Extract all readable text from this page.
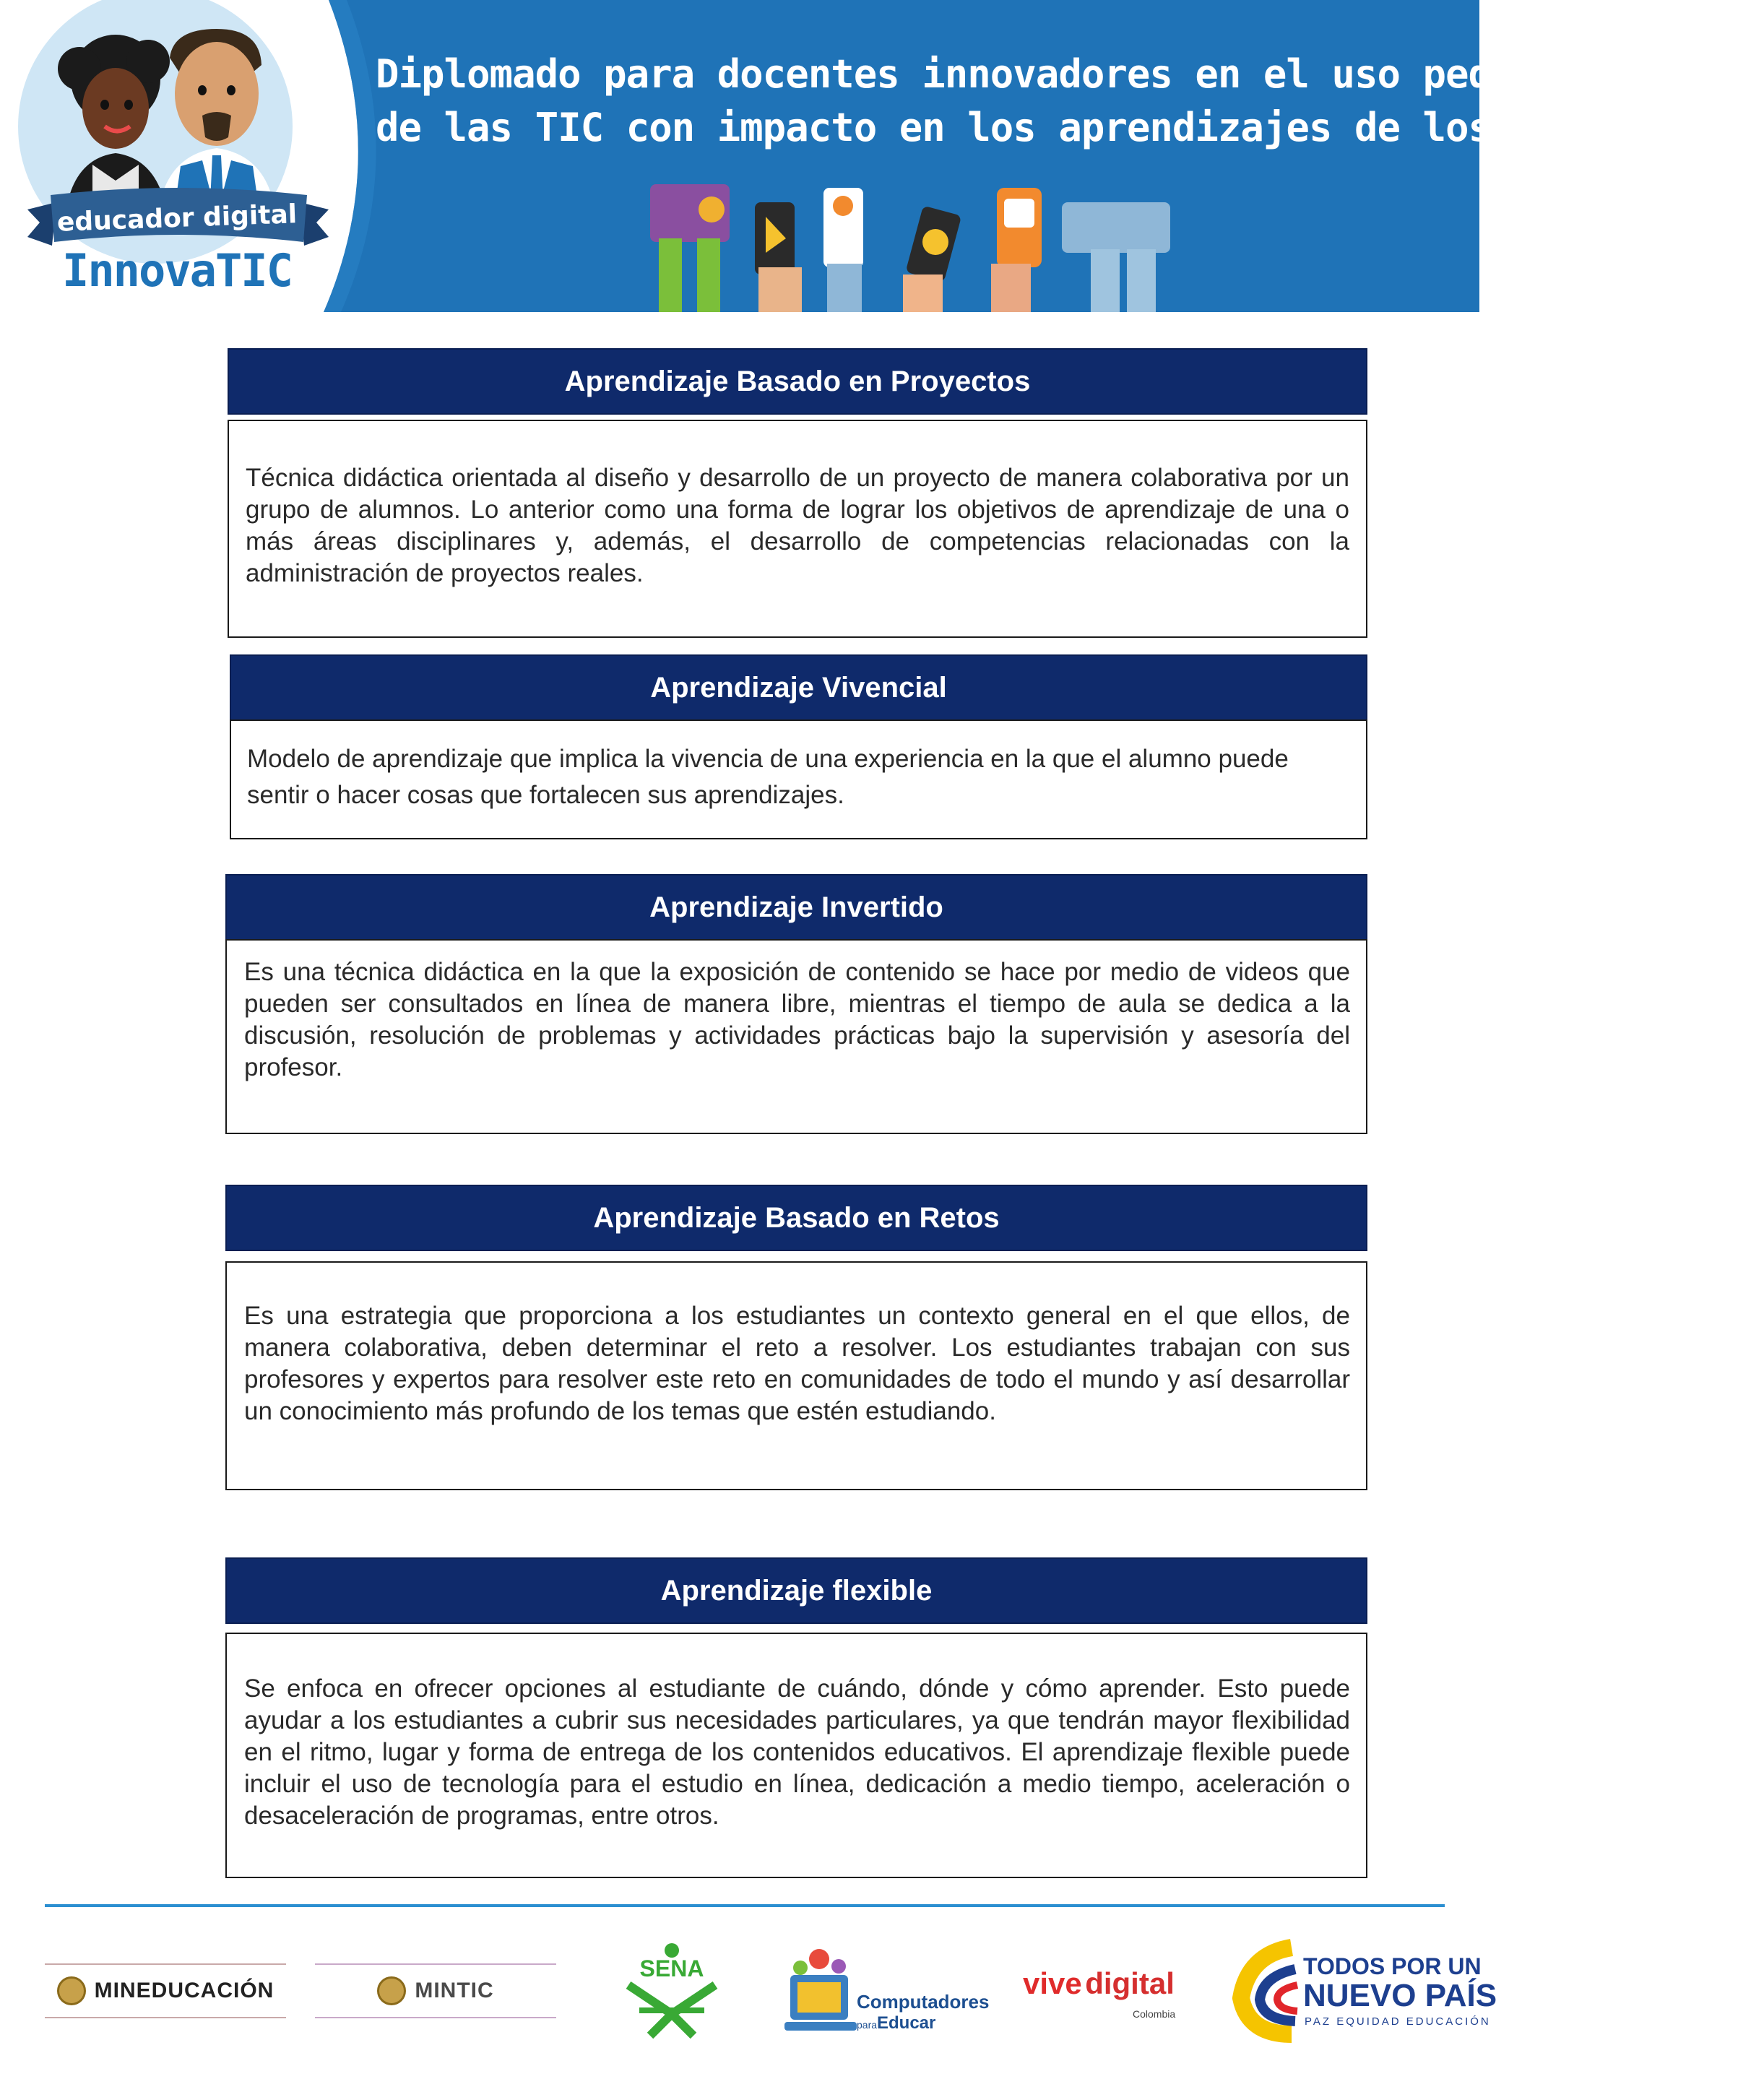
Diplomado para docentes innovadores en el uso pedagógico
de las TIC con impacto en los aprendizajes de los estudiantes
educador digital
InnovaTIC
Aprendizaje Basado en Proyectos
Técnica didáctica orientada al diseño y desarrollo de un proyecto de manera colaborativa por un grupo de alumnos. Lo anterior como una forma de lograr los objetivos de aprendizaje de una o más áreas disciplinares y, además, el desarrollo de competencias relacionadas con la administración de proyectos reales.
Aprendizaje Vivencial
Modelo de aprendizaje que implica la vivencia de una experiencia en la que el alumno puede sentir o hacer cosas que fortalecen sus aprendizajes.
Aprendizaje Invertido
Es una técnica didáctica en la que la exposición de contenido se hace por medio de videos que pueden ser consultados en línea de manera libre, mientras el tiempo de aula se dedica a la discusión, resolución de problemas y actividades prácticas bajo la supervisión y asesoría del profesor.
Aprendizaje Basado en Retos
Es una estrategia que proporciona a los estudiantes un contexto general en el que ellos, de manera colaborativa, deben determinar el reto a resolver. Los estudiantes trabajan con sus profesores y expertos para resolver este reto en comunidades de todo el mundo y así desarrollar un conocimiento más profundo de los temas que estén estudiando.
Aprendizaje flexible
Se enfoca en ofrecer opciones al estudiante de cuándo, dónde y cómo aprender. Esto puede ayudar a los estudiantes a cubrir sus necesidades particulares, ya que tendrán mayor flexibilidad en el ritmo, lugar y forma de entrega de los contenidos educativos. El aprendizaje flexible puede incluir el uso de tecnología para el estudio en línea, dedicación a medio tiempo, aceleración o desaceleración de programas, entre otros.
MINEDUCACIÓN	MINTIC
SENA
Computadores
para Educar
vive digital
Colombia
TODOS POR UN
NUEVO PAÍS
PAZ EQUIDAD EDUCACIÓN
